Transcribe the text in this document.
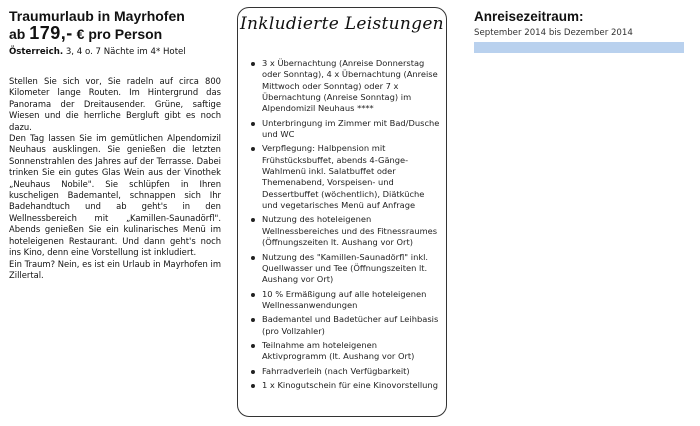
Traumurlaub in Mayrhofen
ab 179,- € pro Person
Österreich. 3, 4 o. 7 Nächte im 4* Hotel

Stellen Sie sich vor, Sie radeln auf circa 800 Kilometer lange Routen. Im Hintergrund das Panorama der Dreitausender. Grüne, saftige Wiesen und die herrliche Bergluft gibt es noch dazu.

Den Tag lassen Sie im gemütlichen Alpendomizil Neuhaus ausklingen. Sie genießen die letzten Sonnenstrahlen des Jahres auf der Terrasse. Dabei trinken Sie ein gutes Glas Wein aus der Vinothek „Neuhaus Nobile". Sie schlüpfen in Ihren kuscheligen Bademantel, schnappen sich Ihr Badehandtuch und ab geht's in den Wellnessbereich mit „Kamillen-Saunadörfl". Abends genießen Sie ein kulinarisches Menü im hoteleigenen Restaurant. Und dann geht's noch ins Kino, denn eine Vorstellung ist inkludiert.

Ein Traum? Nein, es ist ein Urlaub in Mayrhofen im Zillertal.

Inkludierte Leistungen
3 x Übernachtung (Anreise Donnerstag oder Sonntag), 4 x Übernachtung (Anreise Mittwoch oder Sonntag) oder 7 x Übernachtung (Anreise Sonntag) im Alpendomizil Neuhaus ****
Unterbringung im Zimmer mit Bad/Dusche und WC
Verpflegung: Halbpension mit Frühstücksbuffet, abends 4-Gänge-Wahlmenü inkl. Salatbuffet oder Themenabend, Vorspeisen- und Dessertbuffet (wöchentlich), Diätküche und vegetarisches Menü auf Anfrage
Nutzung des hoteleigenen Wellnessbereiches und des Fitnessraumes (Öffnungszeiten lt. Aushang vor Ort)
Nutzung des "Kamillen-Saunadörfl" inkl. Quellwasser und Tee (Öffnungszeiten lt. Aushang vor Ort)
10 % Ermäßigung auf alle hoteleigenen Wellnessanwendungen
Bademantel und Badetücher auf Leihbasis (pro Vollzahler)
Teilnahme am hoteleigenen Aktivprogramm (lt. Aushang vor Ort)
Fahrradverleih (nach Verfügbarkeit)
1 x Kinogutschein für eine Kinovorstellung
Anreisezeitraum:
September 2014 bis Dezember 2014
